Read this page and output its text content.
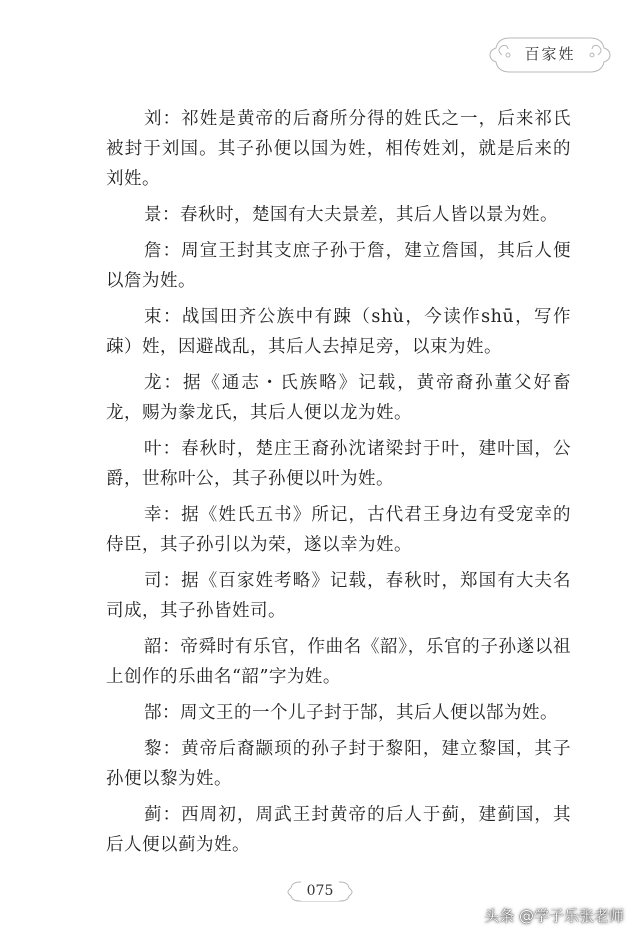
百家姓

刘：祁姓是黄帝的后裔所分得的姓氏之一，后来祁氏被封于刘国。其子孙便以国为姓，相传姓刘，就是后来的刘姓。

景：春秋时，楚国有大夫景差，其后人皆以景为姓。

詹：周宣王封其支庶子孙于詹，建立詹国，其后人便以詹为姓。

束：战国田齐公族中有踈（shù，今读作shū，写作疎）姓，因避战乱，其后人去掉足旁，以束为姓。

龙：据《通志・氏族略》记载，黄帝裔孙董父好畜龙，赐为豢龙氏，其后人便以龙为姓。

叶：春秋时，楚庄王裔孙沈诸梁封于叶，建叶国，公爵，世称叶公，其子孙便以叶为姓。

幸：据《姓氏五书》所记，古代君王身边有受宠幸的侍臣，其子孙引以为荣，遂以幸为姓。

司：据《百家姓考略》记载，春秋时，郑国有大夫名司成，其子孙皆姓司。

韶：帝舜时有乐官，作曲名《韶》，乐官的子孙遂以祖上创作的乐曲名“韶”字为姓。

郜：周文王的一个儿子封于郜，其后人便以郜为姓。

黎：黄帝后裔颛顼的孙子封于黎阳，建立黎国，其子孙便以黎为姓。

蓟：西周初，周武王封黄帝的后人于蓟，建蓟国，其后人便以蓟为姓。

075
头条 @学子乐张老师
